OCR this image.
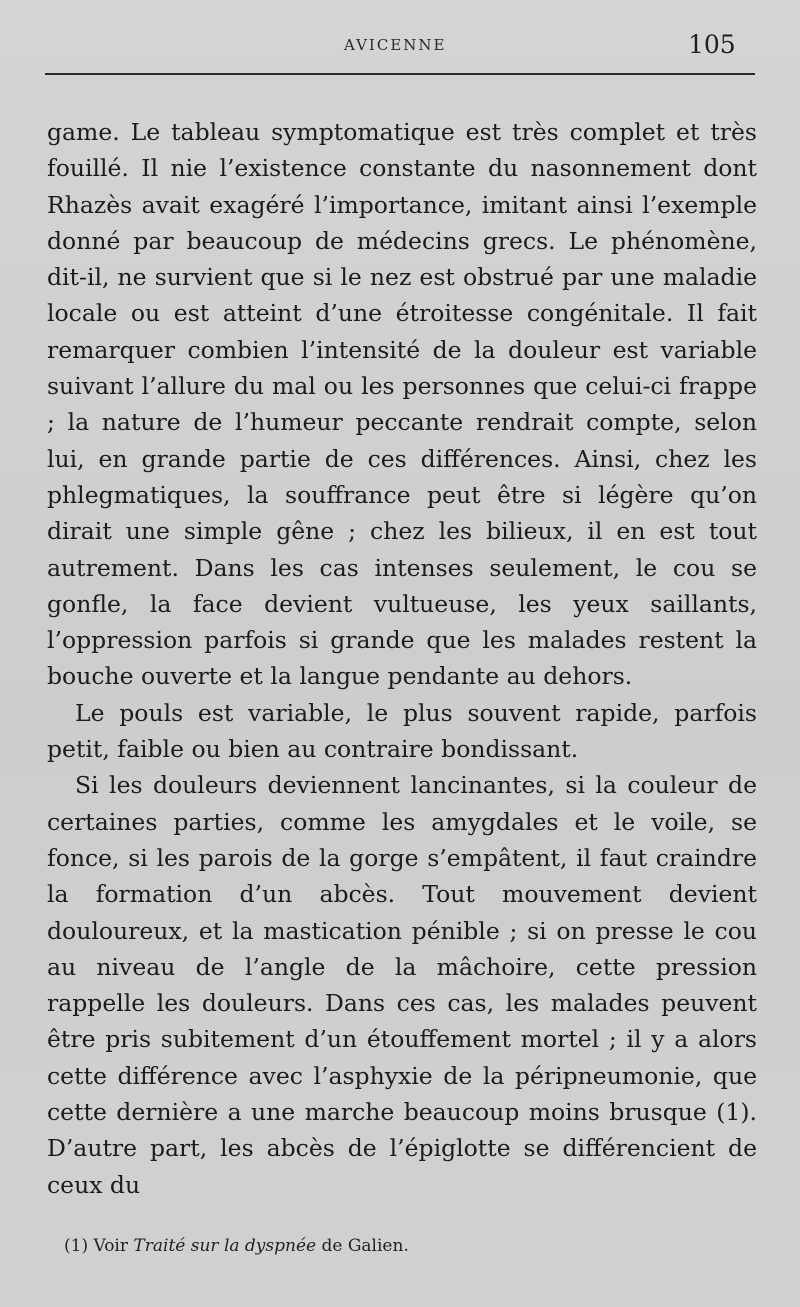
AVICENNE	105

game. Le tableau symptomatique est très complet et très fouillé. Il nie l’existence constante du nasonnement dont Rhazès avait exagéré l’importance, imitant ainsi l’exemple donné par beaucoup de médecins grecs. Le phénomène, dit-il, ne survient que si le nez est obstrué par une maladie locale ou est atteint d’une étroitesse congénitale. Il fait remarquer combien l’intensité de la douleur est variable suivant l’allure du mal ou les personnes que celui-ci frappe ; la nature de l’humeur peccante rendrait compte, selon lui, en grande partie de ces différences. Ainsi, chez les phlegmatiques, la souffrance peut être si légère qu’on dirait une simple gêne ; chez les bilieux, il en est tout autrement. Dans les cas intenses seulement, le cou se gonfle, la face devient vultueuse, les yeux saillants, l’oppression parfois si grande que les malades restent la bouche ouverte et la langue pendante au dehors.

Le pouls est variable, le plus souvent rapide, parfois petit, faible ou bien au contraire bondissant.

Si les douleurs deviennent lancinantes, si la couleur de certaines parties, comme les amygdales et le voile, se fonce, si les parois de la gorge s’empâtent, il faut craindre la formation d’un abcès. Tout mouvement devient douloureux, et la mastication pénible ; si on presse le cou au niveau de l’angle de la mâchoire, cette pression rappelle les douleurs. Dans ces cas, les malades peuvent être pris subitement d’un étouffement mortel ; il y a alors cette différence avec l’asphyxie de la péripneumonie, que cette dernière a une marche beaucoup moins brusque (1). D’autre part, les abcès de l’épiglotte se différencient de ceux du

(1) Voir Traité sur la dyspnée de Galien.
